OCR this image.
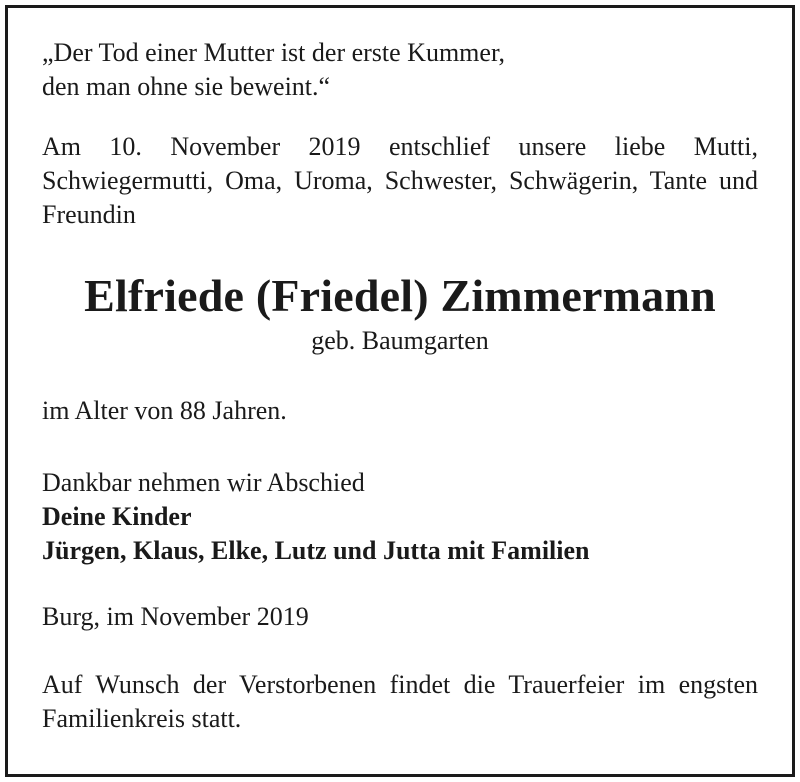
„Der Tod einer Mutter ist der erste Kummer,
den man ohne sie beweint.“

Am 10. November 2019 entschlief unsere liebe Mutti, Schwiegermutti, Oma, Uroma, Schwester, Schwägerin, Tante und Freundin

Elfriede (Friedel) Zimmermann

geb. Baumgarten

im Alter von 88 Jahren.

Dankbar nehmen wir Abschied
Deine Kinder
Jürgen, Klaus, Elke, Lutz und Jutta mit Familien

Burg, im November 2019

Auf Wunsch der Verstorbenen findet die Trauerfeier im engsten Familienkreis statt.
